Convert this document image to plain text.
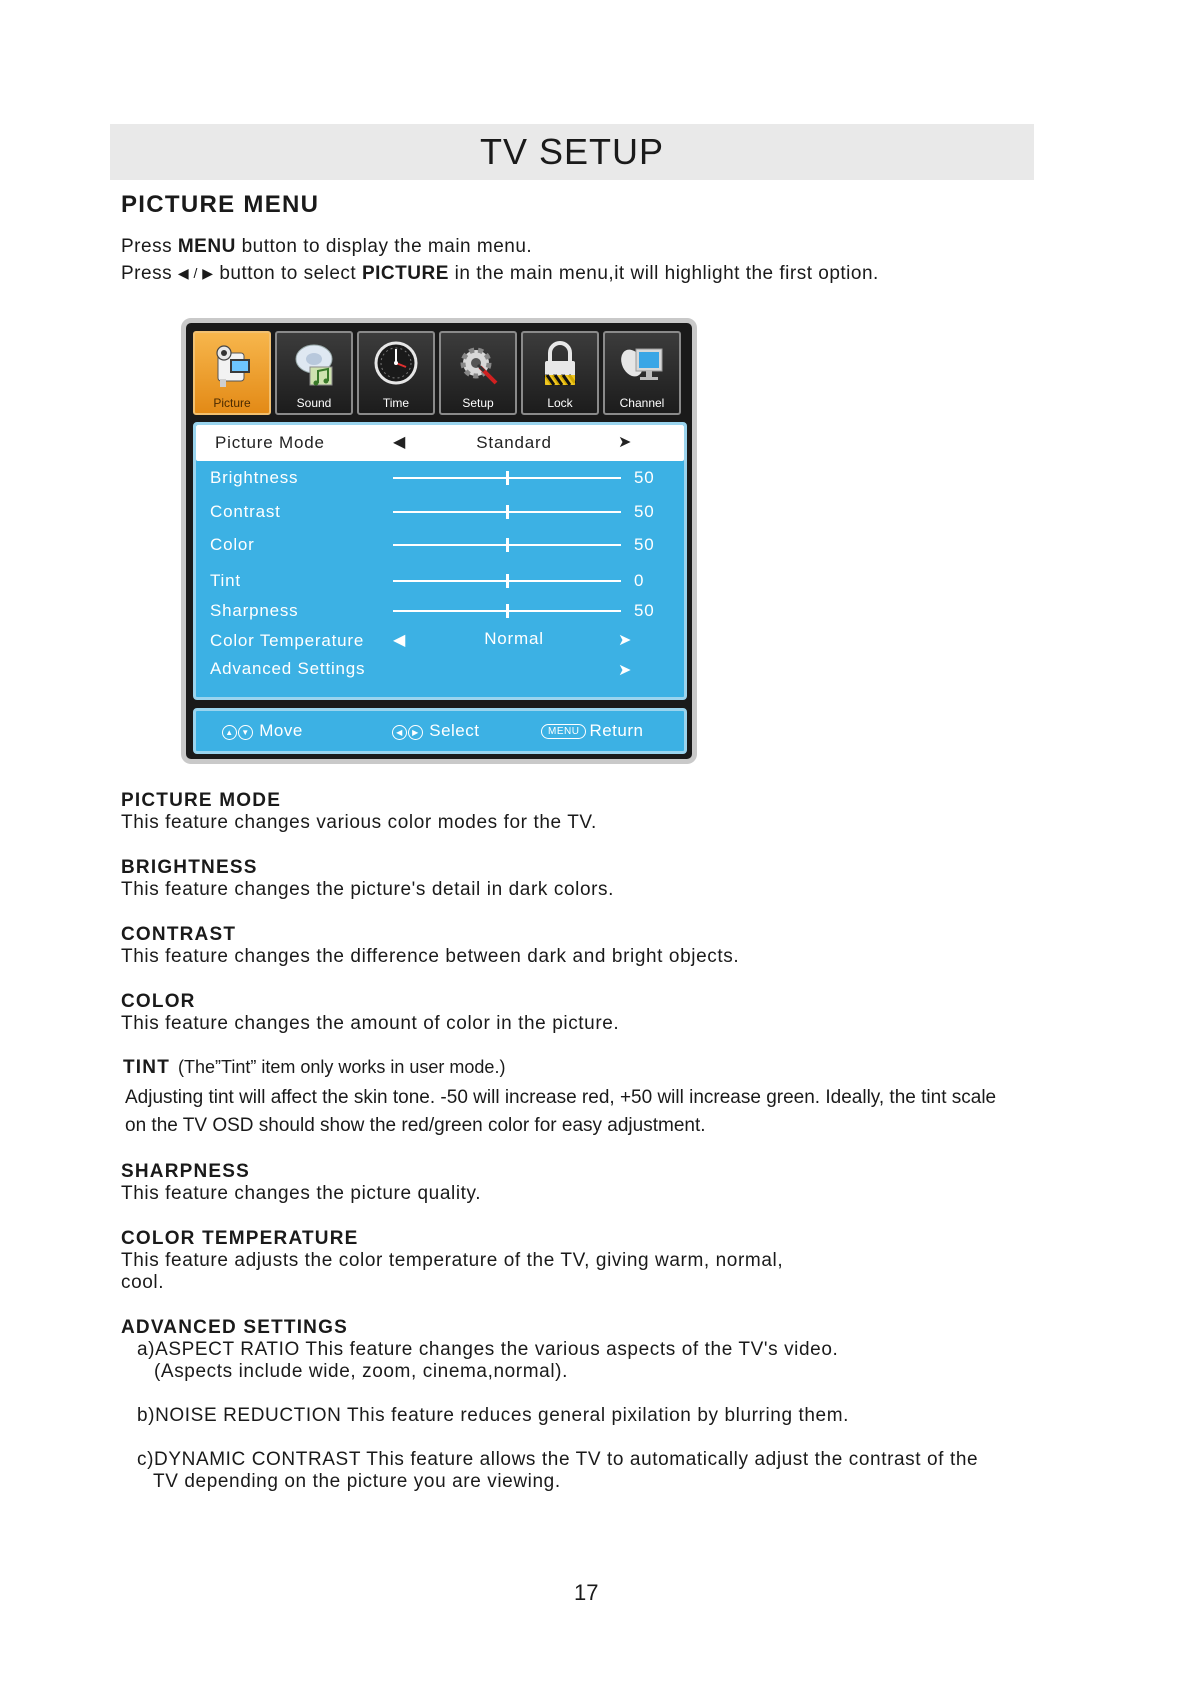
TV SETUP
PICTURE MENU
Press MENU button to display the main menu.
Press ◀ / ▶ button to select PICTURE in the main menu,it will highlight the first option.
Picture	Sound	Time	Setup	Lock	Channel
Picture Mode	◀	Standard	➤
Brightness	50
Contrast	50
Color	50
Tint	0
Sharpness	50
Color Temperature ◀	Normal	➤
Advanced Settings	➤
▲ ▼ Move	◀ ▶ Select	MENU Return
PICTURE MODE
This feature changes various color modes for the TV.
BRIGHTNESS
This feature changes the picture's detail in dark colors.
CONTRAST
This feature changes the difference between dark and bright objects.
COLOR
This feature changes the amount of color in the picture.
TINT (The”Tint” item only works in user mode.)
Adjusting tint will affect the skin tone. -50 will increase red, +50 will increase green. Ideally, the tint scale
on the TV OSD should show the red/green color for easy adjustment.
SHARPNESS
This feature changes the picture quality.
COLOR TEMPERATURE
This feature adjusts the color temperature of the TV, giving warm, normal,
cool.
ADVANCED SETTINGS
a)ASPECT RATIO This feature changes the various aspects of the TV's video.
(Aspects include wide, zoom, cinema,normal).
b)NOISE REDUCTION This feature reduces general pixilation by blurring them.
c)DYNAMIC CONTRAST This feature allows the TV to automatically adjust the contrast of the
TV depending on the picture you are viewing.
17
